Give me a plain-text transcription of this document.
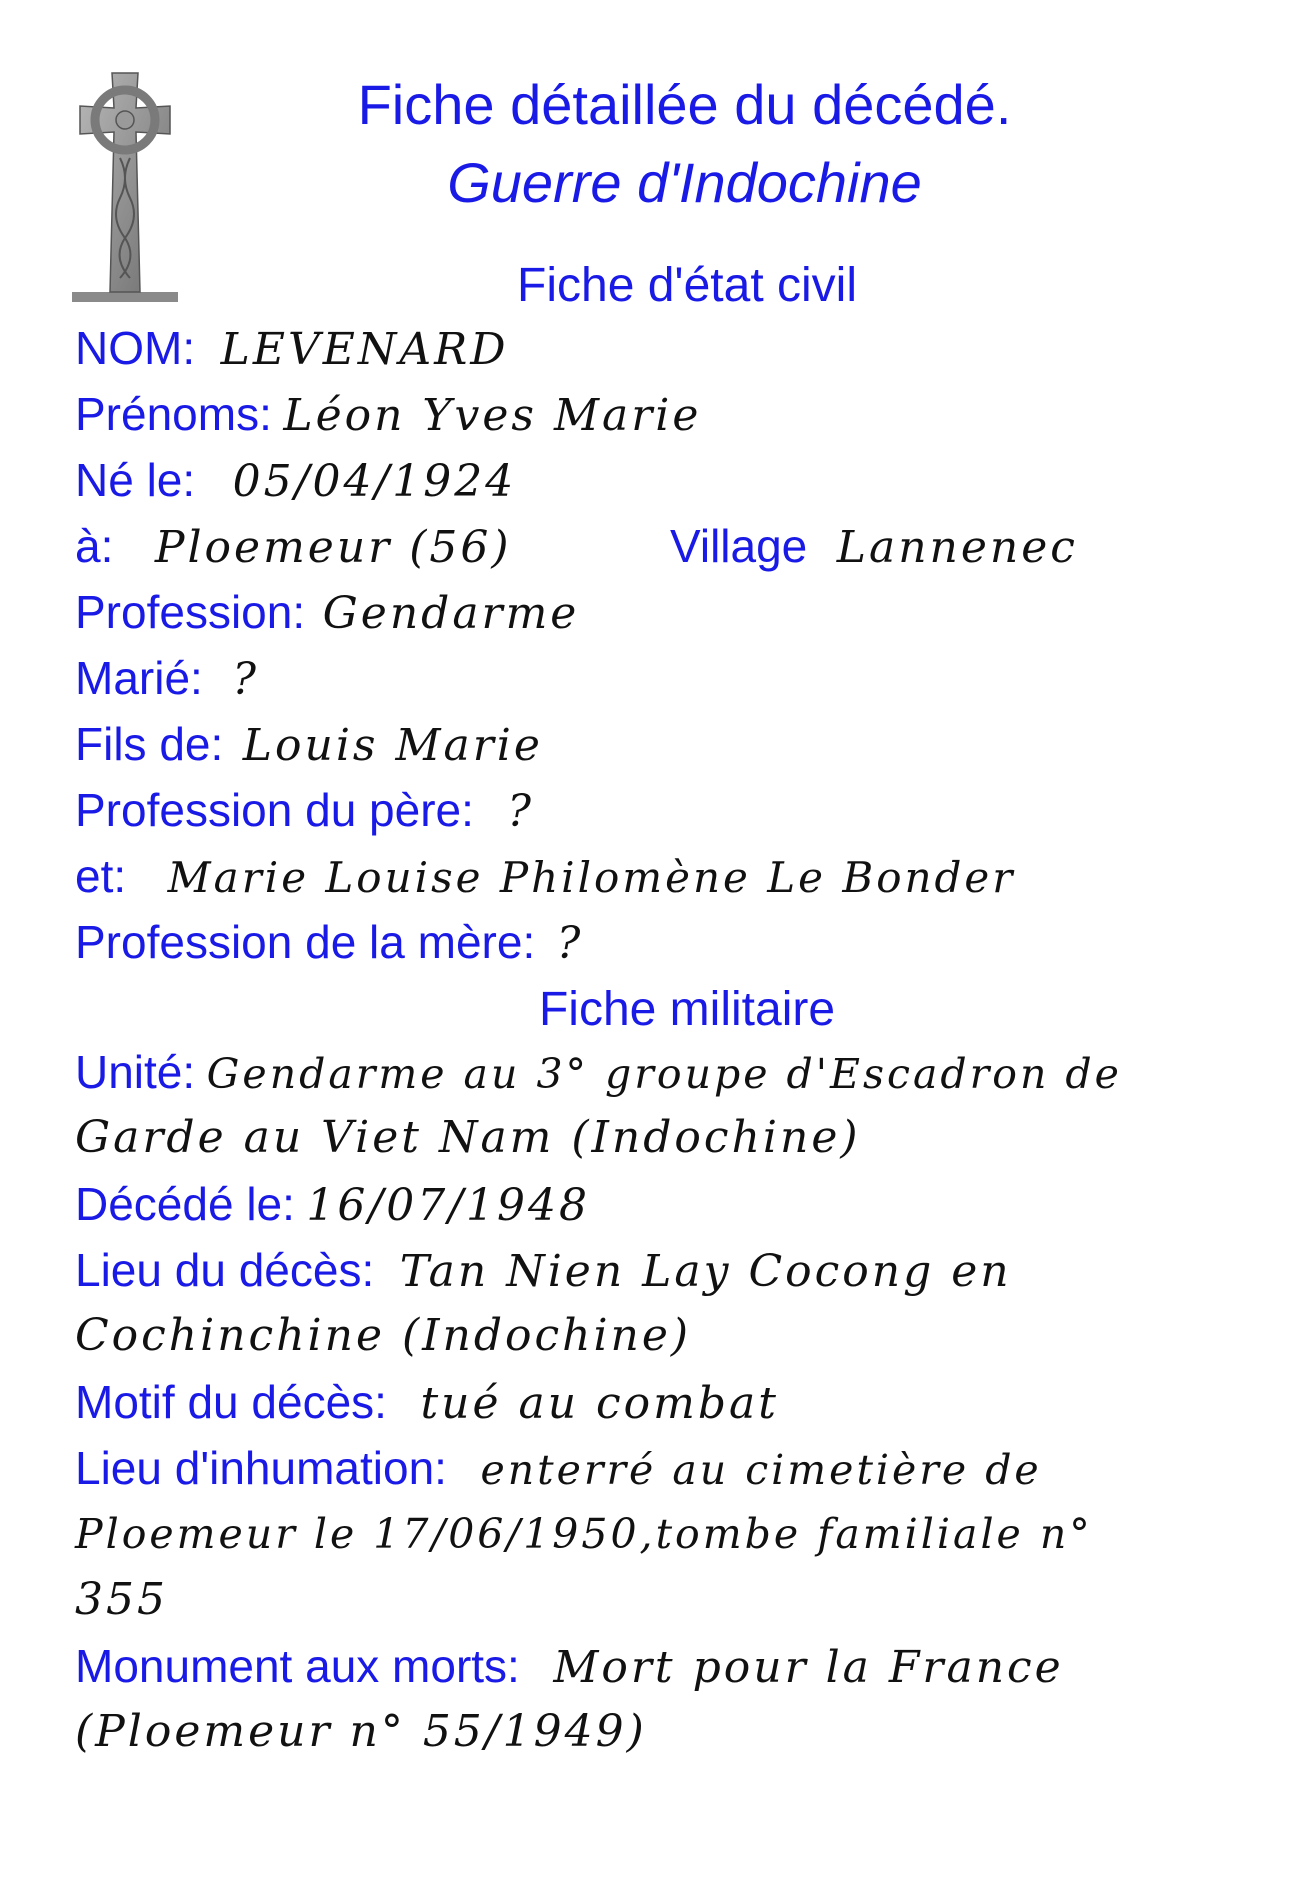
Fiche détaillée du décédé.
Guerre d'Indochine
Fiche d'état civil
NOM: LEVENARD
Prénoms: Léon Yves Marie
Né le: 05/04/1924
à: Ploemeur (56)	Village Lannenec
Profession: Gendarme
Marié: ?
Fils de: Louis Marie
Profession du père: ?
et: Marie Louise Philomène Le Bonder
Profession de la mère: ?
Fiche militaire
Unité: Gendarme au 3° groupe d'Escadron de
Garde au Viet Nam (Indochine)
Décédé le: 16/07/1948
Lieu du décès: Tan Nien Lay Cocong en
Cochinchine (Indochine)
Motif du décès: tué au combat
Lieu d'inhumation: enterré au cimetière de
Ploemeur le 17/06/1950,tombe familiale n°
355
Monument aux morts: Mort pour la France
(Ploemeur n° 55/1949)
